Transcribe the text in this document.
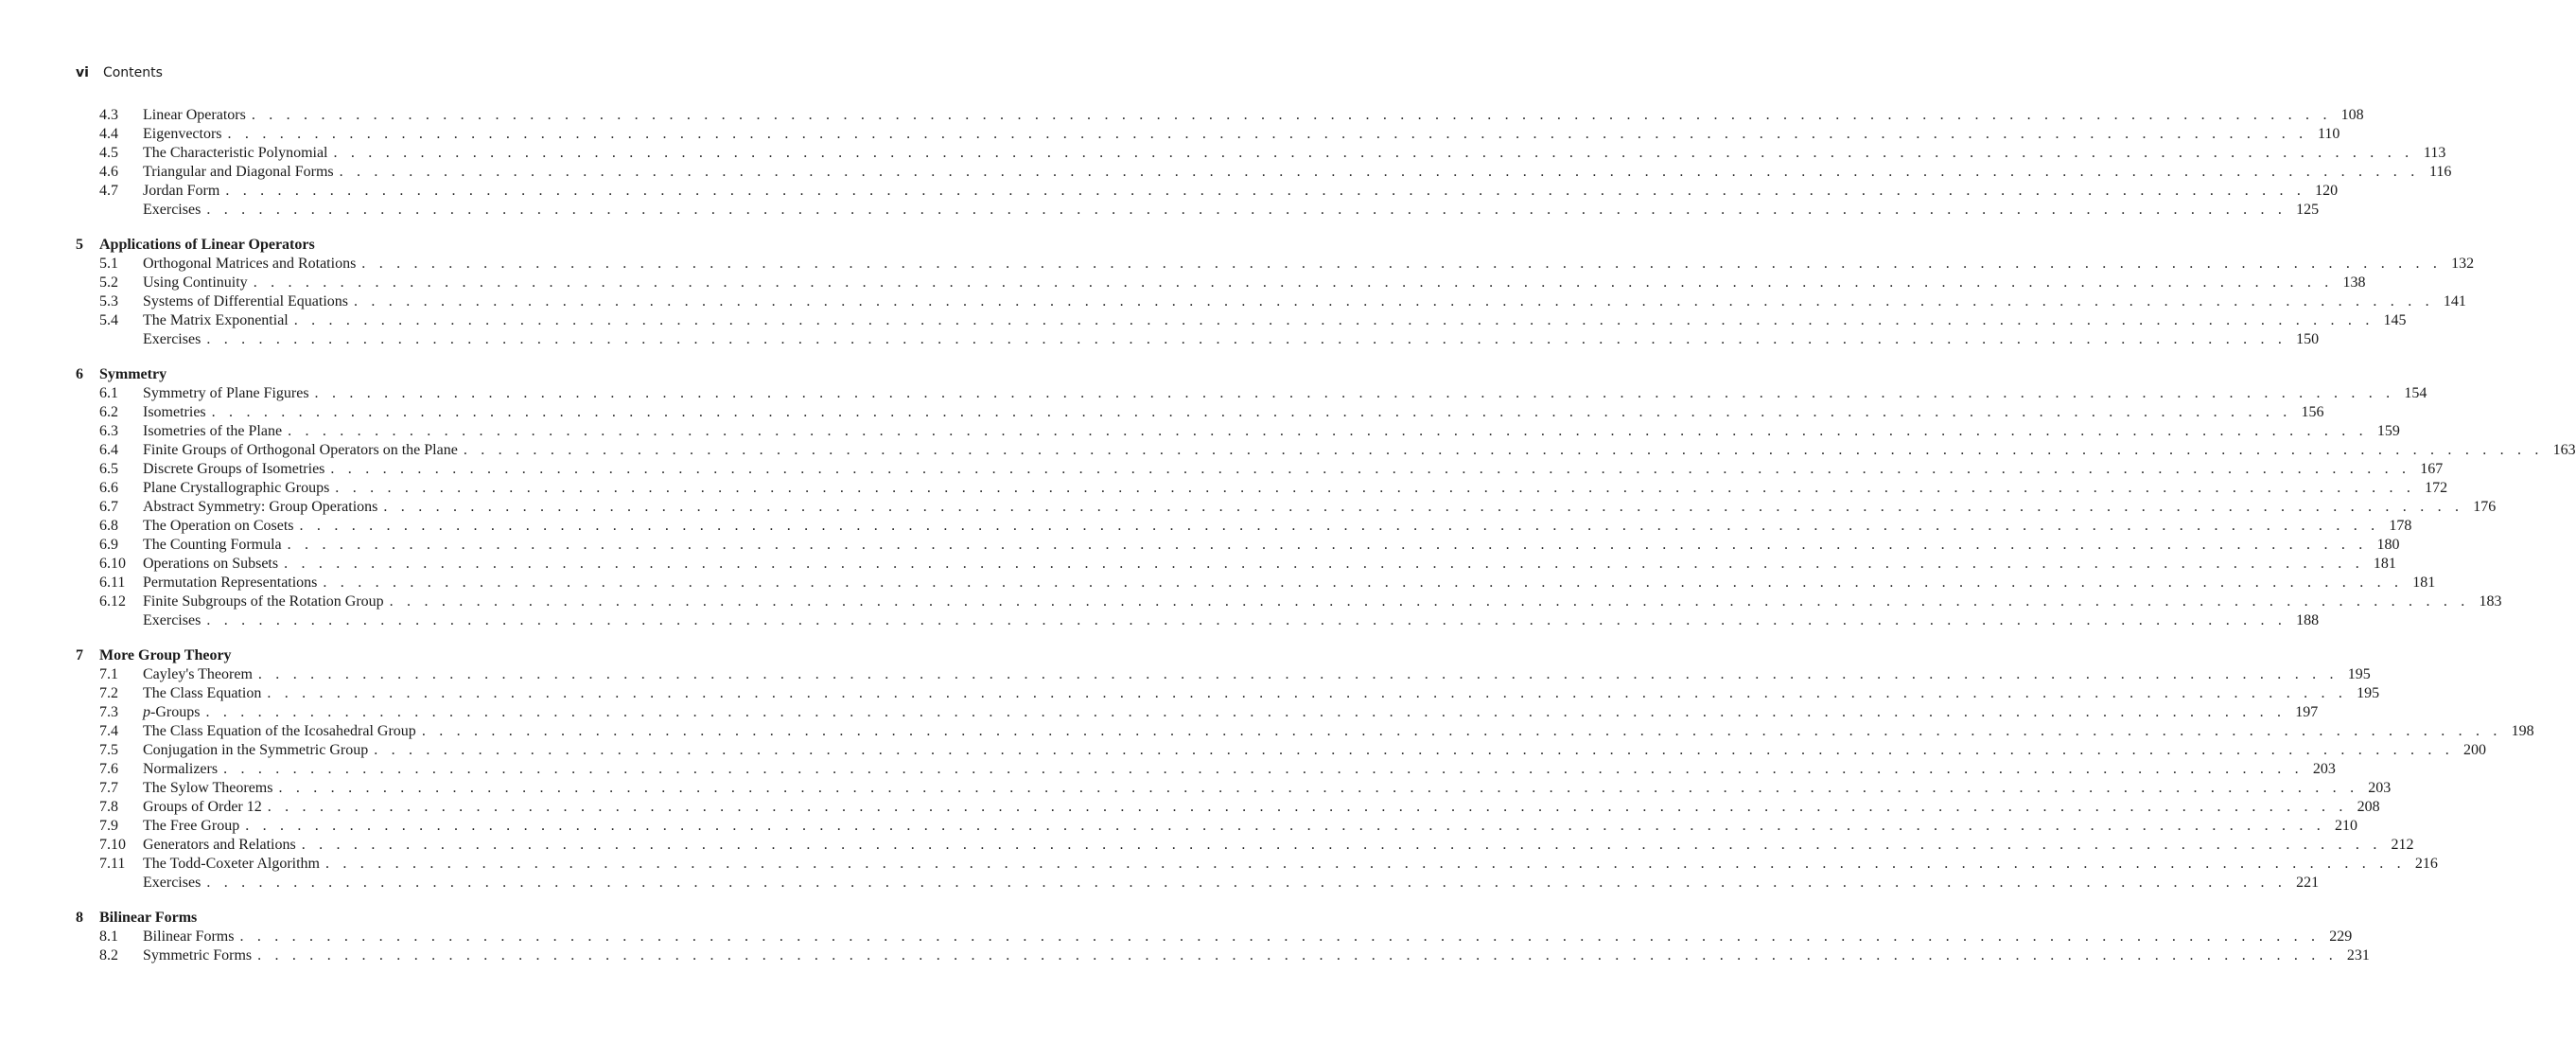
vi Contents
4.3	Linear Operators . . . . . . . . . . . . . . . . . . . . . . . . . . . . . . . . . . . . . . . . . . . . . . . . . . . . . . . . . . . . . . . . . . . . . . . . . . . . . . . . . . . . . . . . . . . . . . . . . . . . . . . . . . . . . . . . . . . . . . . . 108
4.4	Eigenvectors . . . . . . . . . . . . . . . . . . . . . . . . . . . . . . . . . . . . . . . . . . . . . . . . . . . . . . . . . . . . . . . . . . . . . . . . . . . . . . . . . . . . . . . . . . . . . . . . . . . . . . . . . . . . . . . . . . . . . . . . 110
4.5	The Characteristic Polynomial . . . . . . . . . . . . . . . . . . . . . . . . . . . . . . . . . . . . . . . . . . . . . . . . . . . . . . . . . . . . . . . . . . . . . . . . . . . . . . . . . . . . . . . . . . . . . . . . . . . . . . . . . . . . . . . . . . . . . . . . 113
4.6	Triangular and Diagonal Forms . . . . . . . . . . . . . . . . . . . . . . . . . . . . . . . . . . . . . . . . . . . . . . . . . . . . . . . . . . . . . . . . . . . . . . . . . . . . . . . . . . . . . . . . . . . . . . . . . . . . . . . . . . . . . . . . . . . . . . . . 116
4.7	Jordan Form . . . . . . . . . . . . . . . . . . . . . . . . . . . . . . . . . . . . . . . . . . . . . . . . . . . . . . . . . . . . . . . . . . . . . . . . . . . . . . . . . . . . . . . . . . . . . . . . . . . . . . . . . . . . . . . . . . . . . . . . 120
Exercises . . . . . . . . . . . . . . . . . . . . . . . . . . . . . . . . . . . . . . . . . . . . . . . . . . . . . . . . . . . . . . . . . . . . . . . . . . . . . . . . . . . . . . . . . . . . . . . . . . . . . . . . . . . . . . . . . . . . . . . . 125
5	Applications of Linear Operators
5.1	Orthogonal Matrices and Rotations . . . . . . . . . . . . . . . . . . . . . . . . . . . . . . . . . . . . . . . . . . . . . . . . . . . . . . . . . . . . . . . . . . . . . . . . . . . . . . . . . . . . . . . . . . . . . . . . . . . . . . . . . . . . . . . . . . . . . . . . 132
5.2	Using Continuity . . . . . . . . . . . . . . . . . . . . . . . . . . . . . . . . . . . . . . . . . . . . . . . . . . . . . . . . . . . . . . . . . . . . . . . . . . . . . . . . . . . . . . . . . . . . . . . . . . . . . . . . . . . . . . . . . . . . . . . . 138
5.3	Systems of Differential Equations . . . . . . . . . . . . . . . . . . . . . . . . . . . . . . . . . . . . . . . . . . . . . . . . . . . . . . . . . . . . . . . . . . . . . . . . . . . . . . . . . . . . . . . . . . . . . . . . . . . . . . . . . . . . . . . . . . . . . . . . 141
5.4	The Matrix Exponential . . . . . . . . . . . . . . . . . . . . . . . . . . . . . . . . . . . . . . . . . . . . . . . . . . . . . . . . . . . . . . . . . . . . . . . . . . . . . . . . . . . . . . . . . . . . . . . . . . . . . . . . . . . . . . . . . . . . . . . . 145
Exercises . . . . . . . . . . . . . . . . . . . . . . . . . . . . . . . . . . . . . . . . . . . . . . . . . . . . . . . . . . . . . . . . . . . . . . . . . . . . . . . . . . . . . . . . . . . . . . . . . . . . . . . . . . . . . . . . . . . . . . . . 150
6	Symmetry
6.1	Symmetry of Plane Figures . . . . . . . . . . . . . . . . . . . . . . . . . . . . . . . . . . . . . . . . . . . . . . . . . . . . . . . . . . . . . . . . . . . . . . . . . . . . . . . . . . . . . . . . . . . . . . . . . . . . . . . . . . . . . . . . . . . . . . . . 154
6.2	Isometries . . . . . . . . . . . . . . . . . . . . . . . . . . . . . . . . . . . . . . . . . . . . . . . . . . . . . . . . . . . . . . . . . . . . . . . . . . . . . . . . . . . . . . . . . . . . . . . . . . . . . . . . . . . . . . . . . . . . . . . . 156
6.3	Isometries of the Plane . . . . . . . . . . . . . . . . . . . . . . . . . . . . . . . . . . . . . . . . . . . . . . . . . . . . . . . . . . . . . . . . . . . . . . . . . . . . . . . . . . . . . . . . . . . . . . . . . . . . . . . . . . . . . . . . . . . . . . . . 159
6.4	Finite Groups of Orthogonal Operators on the Plane . . . . . . . . . . . . . . . . . . . . . . . . . . . . . . . . . . . . . . . . . . . . . . . . . . . . . . . . . . . . . . . . . . . . . . . . . . . . . . . . . . . . . . . . . . . . . . . . . . . . . . . . . . . . . . . . . . . . . . . . 163
6.5	Discrete Groups of Isometries . . . . . . . . . . . . . . . . . . . . . . . . . . . . . . . . . . . . . . . . . . . . . . . . . . . . . . . . . . . . . . . . . . . . . . . . . . . . . . . . . . . . . . . . . . . . . . . . . . . . . . . . . . . . . . . . . . . . . . . . 167
6.6	Plane Crystallographic Groups . . . . . . . . . . . . . . . . . . . . . . . . . . . . . . . . . . . . . . . . . . . . . . . . . . . . . . . . . . . . . . . . . . . . . . . . . . . . . . . . . . . . . . . . . . . . . . . . . . . . . . . . . . . . . . . . . . . . . . . . 172
6.7	Abstract Symmetry: Group Operations . . . . . . . . . . . . . . . . . . . . . . . . . . . . . . . . . . . . . . . . . . . . . . . . . . . . . . . . . . . . . . . . . . . . . . . . . . . . . . . . . . . . . . . . . . . . . . . . . . . . . . . . . . . . . . . . . . . . . . . . 176
6.8	The Operation on Cosets . . . . . . . . . . . . . . . . . . . . . . . . . . . . . . . . . . . . . . . . . . . . . . . . . . . . . . . . . . . . . . . . . . . . . . . . . . . . . . . . . . . . . . . . . . . . . . . . . . . . . . . . . . . . . . . . . . . . . . . . 178
6.9	The Counting Formula . . . . . . . . . . . . . . . . . . . . . . . . . . . . . . . . . . . . . . . . . . . . . . . . . . . . . . . . . . . . . . . . . . . . . . . . . . . . . . . . . . . . . . . . . . . . . . . . . . . . . . . . . . . . . . . . . . . . . . . . 180
6.10	Operations on Subsets . . . . . . . . . . . . . . . . . . . . . . . . . . . . . . . . . . . . . . . . . . . . . . . . . . . . . . . . . . . . . . . . . . . . . . . . . . . . . . . . . . . . . . . . . . . . . . . . . . . . . . . . . . . . . . . . . . . . . . . . 181
6.11	Permutation Representations . . . . . . . . . . . . . . . . . . . . . . . . . . . . . . . . . . . . . . . . . . . . . . . . . . . . . . . . . . . . . . . . . . . . . . . . . . . . . . . . . . . . . . . . . . . . . . . . . . . . . . . . . . . . . . . . . . . . . . . . 181
6.12	Finite Subgroups of the Rotation Group . . . . . . . . . . . . . . . . . . . . . . . . . . . . . . . . . . . . . . . . . . . . . . . . . . . . . . . . . . . . . . . . . . . . . . . . . . . . . . . . . . . . . . . . . . . . . . . . . . . . . . . . . . . . . . . . . . . . . . . . 183
Exercises . . . . . . . . . . . . . . . . . . . . . . . . . . . . . . . . . . . . . . . . . . . . . . . . . . . . . . . . . . . . . . . . . . . . . . . . . . . . . . . . . . . . . . . . . . . . . . . . . . . . . . . . . . . . . . . . . . . . . . . . 188
7	More Group Theory
7.1	Cayley's Theorem . . . . . . . . . . . . . . . . . . . . . . . . . . . . . . . . . . . . . . . . . . . . . . . . . . . . . . . . . . . . . . . . . . . . . . . . . . . . . . . . . . . . . . . . . . . . . . . . . . . . . . . . . . . . . . . . . . . . . . . . 195
7.2	The Class Equation . . . . . . . . . . . . . . . . . . . . . . . . . . . . . . . . . . . . . . . . . . . . . . . . . . . . . . . . . . . . . . . . . . . . . . . . . . . . . . . . . . . . . . . . . . . . . . . . . . . . . . . . . . . . . . . . . . . . . . . . 195
7.3	p-Groups . . . . . . . . . . . . . . . . . . . . . . . . . . . . . . . . . . . . . . . . . . . . . . . . . . . . . . . . . . . . . . . . . . . . . . . . . . . . . . . . . . . . . . . . . . . . . . . . . . . . . . . . . . . . . . . . . . . . . . . . 197
7.4	The Class Equation of the Icosahedral Group . . . . . . . . . . . . . . . . . . . . . . . . . . . . . . . . . . . . . . . . . . . . . . . . . . . . . . . . . . . . . . . . . . . . . . . . . . . . . . . . . . . . . . . . . . . . . . . . . . . . . . . . . . . . . . . . . . . . . . . . 198
7.5	Conjugation in the Symmetric Group . . . . . . . . . . . . . . . . . . . . . . . . . . . . . . . . . . . . . . . . . . . . . . . . . . . . . . . . . . . . . . . . . . . . . . . . . . . . . . . . . . . . . . . . . . . . . . . . . . . . . . . . . . . . . . . . . . . . . . . . 200
7.6	Normalizers . . . . . . . . . . . . . . . . . . . . . . . . . . . . . . . . . . . . . . . . . . . . . . . . . . . . . . . . . . . . . . . . . . . . . . . . . . . . . . . . . . . . . . . . . . . . . . . . . . . . . . . . . . . . . . . . . . . . . . . . 203
7.7	The Sylow Theorems . . . . . . . . . . . . . . . . . . . . . . . . . . . . . . . . . . . . . . . . . . . . . . . . . . . . . . . . . . . . . . . . . . . . . . . . . . . . . . . . . . . . . . . . . . . . . . . . . . . . . . . . . . . . . . . . . . . . . . . . 203
7.8	Groups of Order 12 . . . . . . . . . . . . . . . . . . . . . . . . . . . . . . . . . . . . . . . . . . . . . . . . . . . . . . . . . . . . . . . . . . . . . . . . . . . . . . . . . . . . . . . . . . . . . . . . . . . . . . . . . . . . . . . . . . . . . . . . 208
7.9	The Free Group . . . . . . . . . . . . . . . . . . . . . . . . . . . . . . . . . . . . . . . . . . . . . . . . . . . . . . . . . . . . . . . . . . . . . . . . . . . . . . . . . . . . . . . . . . . . . . . . . . . . . . . . . . . . . . . . . . . . . . . . 210
7.10	Generators and Relations . . . . . . . . . . . . . . . . . . . . . . . . . . . . . . . . . . . . . . . . . . . . . . . . . . . . . . . . . . . . . . . . . . . . . . . . . . . . . . . . . . . . . . . . . . . . . . . . . . . . . . . . . . . . . . . . . . . . . . . . 212
7.11	The Todd-Coxeter Algorithm . . . . . . . . . . . . . . . . . . . . . . . . . . . . . . . . . . . . . . . . . . . . . . . . . . . . . . . . . . . . . . . . . . . . . . . . . . . . . . . . . . . . . . . . . . . . . . . . . . . . . . . . . . . . . . . . . . . . . . . . 216
Exercises . . . . . . . . . . . . . . . . . . . . . . . . . . . . . . . . . . . . . . . . . . . . . . . . . . . . . . . . . . . . . . . . . . . . . . . . . . . . . . . . . . . . . . . . . . . . . . . . . . . . . . . . . . . . . . . . . . . . . . . . 221
8	Bilinear Forms
8.1	Bilinear Forms . . . . . . . . . . . . . . . . . . . . . . . . . . . . . . . . . . . . . . . . . . . . . . . . . . . . . . . . . . . . . . . . . . . . . . . . . . . . . . . . . . . . . . . . . . . . . . . . . . . . . . . . . . . . . . . . . . . . . . . . 229
8.2	Symmetric Forms . . . . . . . . . . . . . . . . . . . . . . . . . . . . . . . . . . . . . . . . . . . . . . . . . . . . . . . . . . . . . . . . . . . . . . . . . . . . . . . . . . . . . . . . . . . . . . . . . . . . . . . . . . . . . . . . . . . . . . . . 231
